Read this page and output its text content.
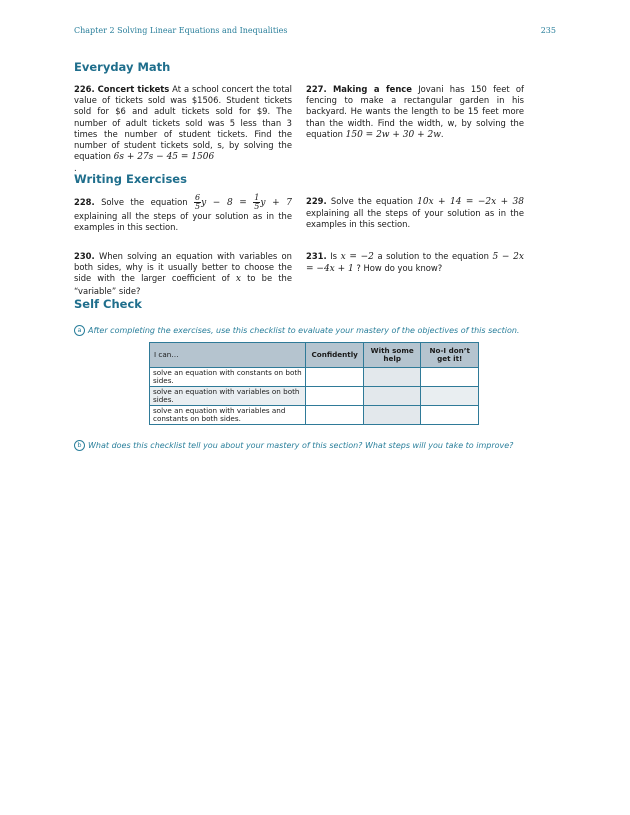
Chapter 2 Solving Linear Equations and Inequalities	235
Everyday Math
226. Concert tickets At a school concert the total value of tickets sold was $1506. Student tickets sold for $6 and adult tickets sold for $9. The number of adult tickets sold was 5 less than 3 times the number of student tickets. Find the number of student tickets sold, s, by solving the equation 6s + 27s − 45 = 1506
.
227. Making a fence Jovani has 150 feet of fencing to make a rectangular garden in his backyard. He wants the length to be 15 feet more than the width. Find the width, w, by solving the equation 150 = 2w + 30 + 2w.
Writing Exercises
228. Solve the equation $\frac{6}{5}$ $y - 8 = \frac{1}{5}$ y + 7 explaining all the steps of your solution as in the examples in this section.
229. Solve the equation 10x + 14 = −2x + 38 explaining all the steps of your solution as in the examples in this section.
230. When solving an equation with variables on both sides, why is it usually better to choose the side with the larger coefficient of x to be the “variable” side?
231. Is x = −2 a solution to the equation 5 − 2x = −4x + 1 ? How do you know?
Self Check
a After completing the exercises, use this checklist to evaluate your mastery of the objectives of this section.
I can…	Confidently	With some help	No-I don’t get it!
solve an equation with constants on both sides.			
solve an equation with variables on both sides.			
solve an equation with variables and constants on both sides.			
b What does this checklist tell you about your mastery of this section? What steps will you take to improve?
